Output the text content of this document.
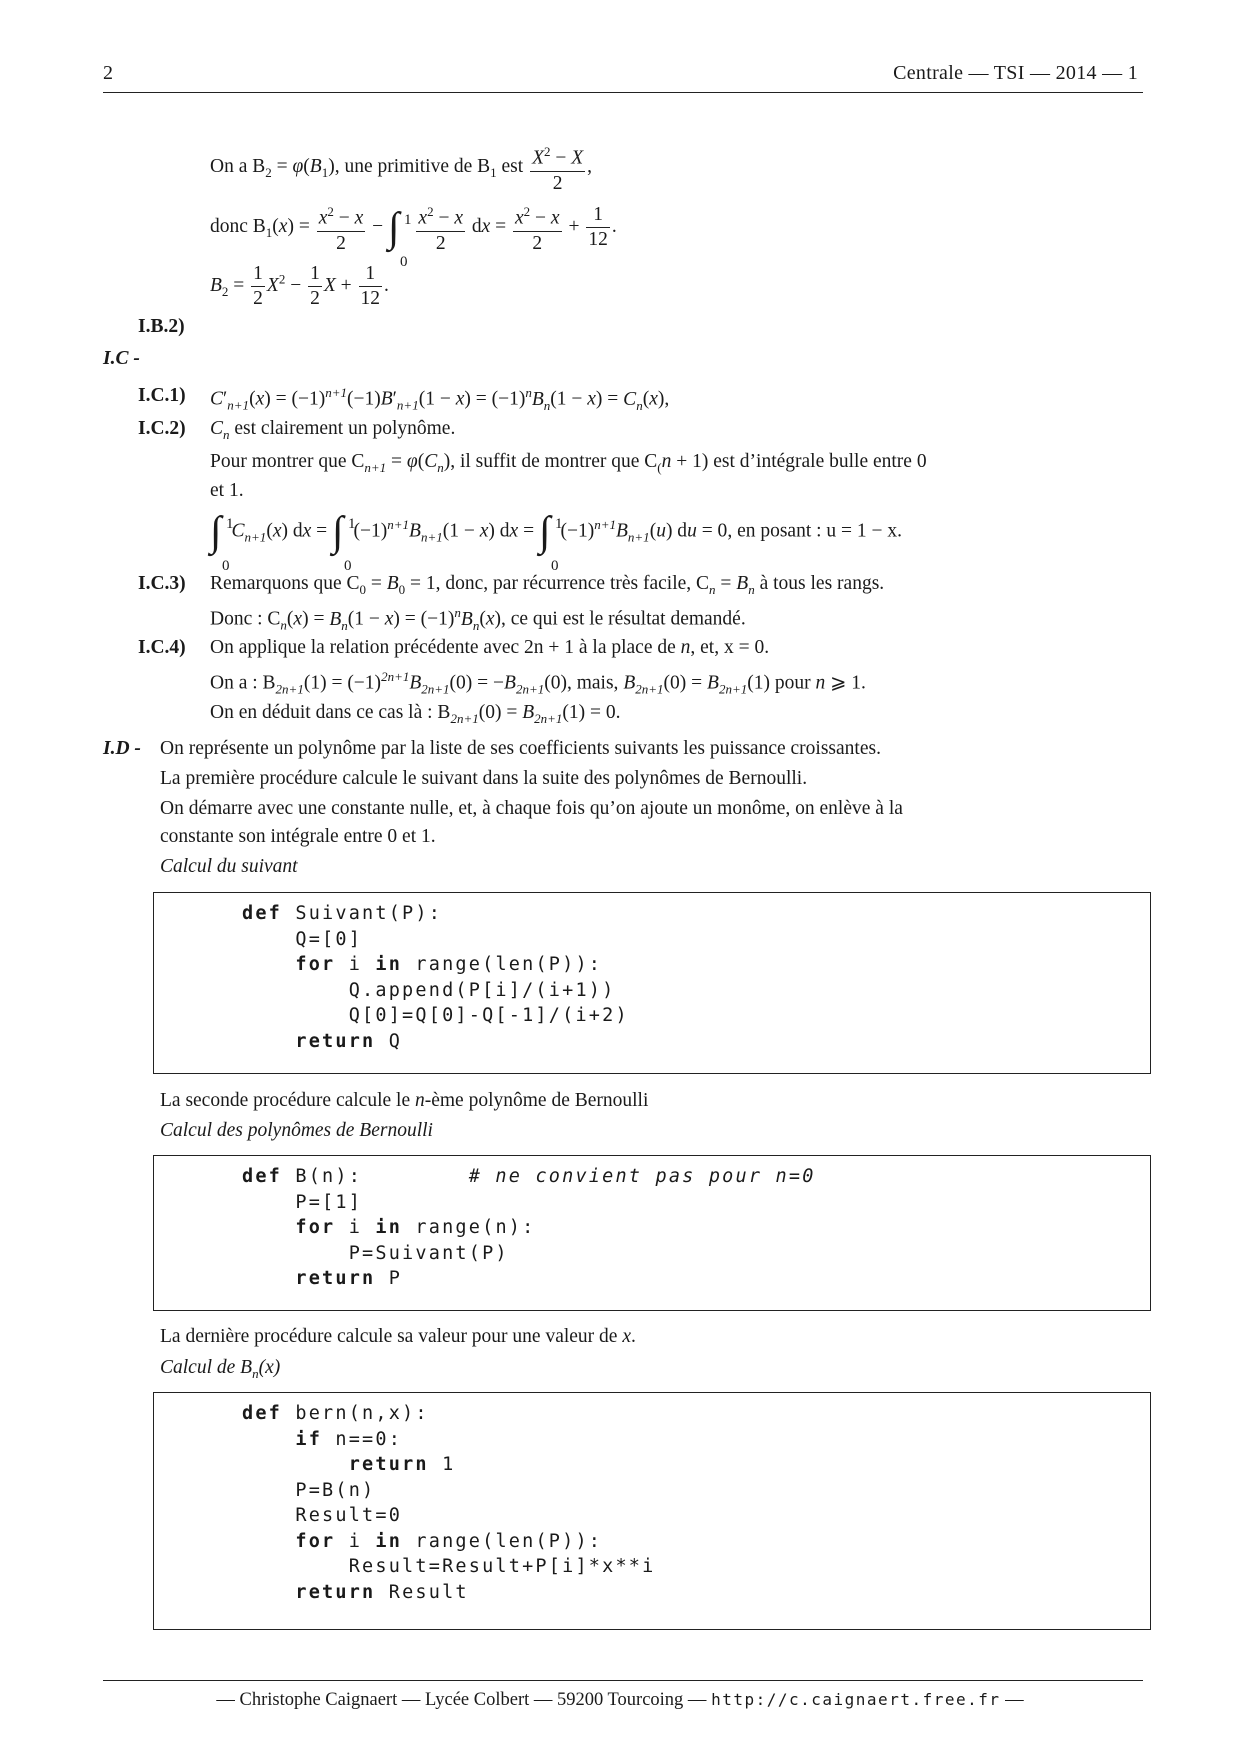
2	Centrale — TSI — 2014 — 1
On a $B_2 = \varphi(B_1)$, une primitive de $B_1$ est $\frac{X^2 - X}{2}$ ,
donc $B_1(x) = \frac{x^2 - x}{2}$ − ∫ 1
0

$\frac{x^2 - x}{2}$ dx = $\frac{x^2 - x}{2} + \frac{1}{12}$ .
$B_2 = \frac{1}{2} X^2 - \frac{1}{2}$ $X + \frac{1}{12}$ .
I.B.2)
I.C -
I.C.1) $C'_{n+1}(x) = (-1)^{n+1}(-1)B'_{n+1}(1 - x) = (-1)^nB_n(1 - x) = C_n(x)$,
I.C.2) $C_n$ est clairement un polynôme.
Pour montrer que $C_{n+1} = \varphi(C_n)$, il suffit de montrer que $C_(n + 1$) est d’intégrale bulle entre 0
et 1.
∫ 1
0
$C_{n+1}(x)$ dx = ∫ 1
0
$(-1)^{n+1}B_{n+1}(1 - x)$ dx = ∫ 1
0
$(-1)^{n+1}B_{n+1}(u)$ du = 0, en posant : u = 1 − x.
I.C.3) Remarquons que $C_0 = B_0 = 1$, donc, par récurrence très facile, $C_n = B_n$ à tous les rangs.
Donc : $C_n(x) = B_n(1 - x) = (-1)^nB_n(x)$, ce qui est le résultat demandé.
I.C.4) On applique la relation précédente avec 2n + 1 à la place de n, et, x = 0.
On a : $B_{2n+1}(1) = (-1)^{2n+1}B_{2n+1}(0) = -B_{2n+1}(0)$, mais, $B_{2n+1}(0) = B_{2n+1}(1)$ pour n ⩾ 1.
On en déduit dans ce cas là : $B_{2n+1}(0) = B_{2n+1}(1) = 0$.
I.D - On représente un polynôme par la liste de ses coefficients suivants les puissance croissantes.
La première procédure calcule le suivant dans la suite des polynômes de Bernoulli.
On démarre avec une constante nulle, et, à chaque fois qu’on ajoute un monôme, on enlève à la
constante son intégrale entre 0 et 1.
Calcul du suivant
def Suivant(P):
Q=[0]
for i in range(len(P)):
Q.append(P[i]/(i+1))
Q[0]=Q[0]-Q[-1]/(i+2)
return Q
La seconde procédure calcule le n-ème polynôme de Bernoulli
Calcul des polynômes de Bernoulli
def B(n):        # ne convient pas pour n=0
P=[1]
for i in range(n):
P=Suivant(P)
return P
La dernière procédure calcule sa valeur pour une valeur de x.
Calcul de $B_n(x)$
def bern(n,x):
if n==0:
return 1
P=B(n)
Result=0
for i in range(len(P)):
Result=Result+P[i]*x**i
return Result
— Christophe Caignaert — Lycée Colbert — 59200 Tourcoing — http://c.caignaert.free.fr —
